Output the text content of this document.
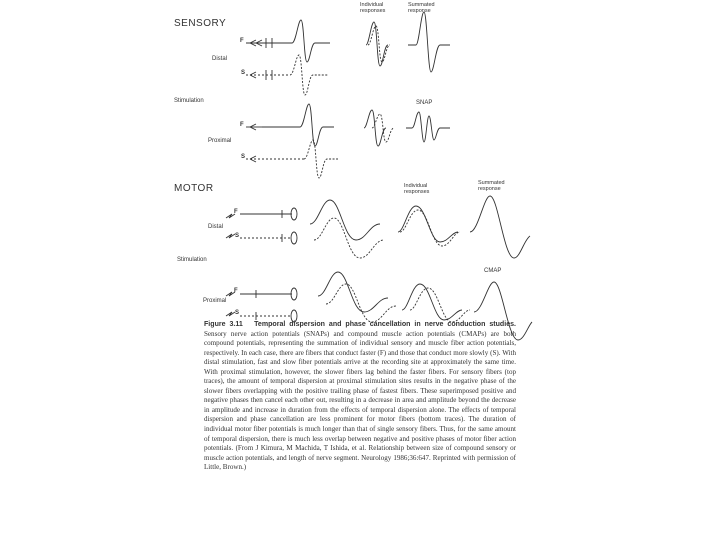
SENSORY
Individual responses
Summated response
Distal
Stimulation
Proximal
SNAP
F
S
F
S
MOTOR	Individual responses
Summated response
Distal
Stimulation
Proximal
CMAP
F
S
F
S
Figure 3.11 Temporal dispersion and phase cancellation in nerve conduction studies. Sensory nerve action potentials (SNAPs) and compound muscle action potentials (CMAPs) are both compound potentials, representing the summation of individual sensory and muscle fiber action potentials, respectively. In each case, there are fibers that conduct faster (F) and those that conduct more slowly (S). With distal stimulation, fast and slow fiber potentials arrive at the recording site at approximately the same time. With proximal stimulation, however, the slower fibers lag behind the faster fibers. For sensory fibers (top traces), the amount of temporal dispersion at proximal stimulation sites results in the negative phase of the slower fibers overlapping with the positive trailing phase of fastest fibers. These superimposed positive and negative phases then cancel each other out, resulting in a decrease in area and amplitude beyond the decrease in amplitude and increase in duration from the effects of temporal dispersion alone. The effects of temporal dispersion and phase cancellation are less prominent for motor fibers (bottom traces). The duration of individual motor fiber potentials is much longer than that of single sensory fibers. Thus, for the same amount of temporal dispersion, there is much less overlap between negative and positive phases of motor fiber action potentials. (From J Kimura, M Machida, T Ishida, et al. Relationship between size of compound sensory or muscle action potentials, and length of nerve segment. Neurology 1986;36:647. Reprinted with permission of Little, Brown.)
